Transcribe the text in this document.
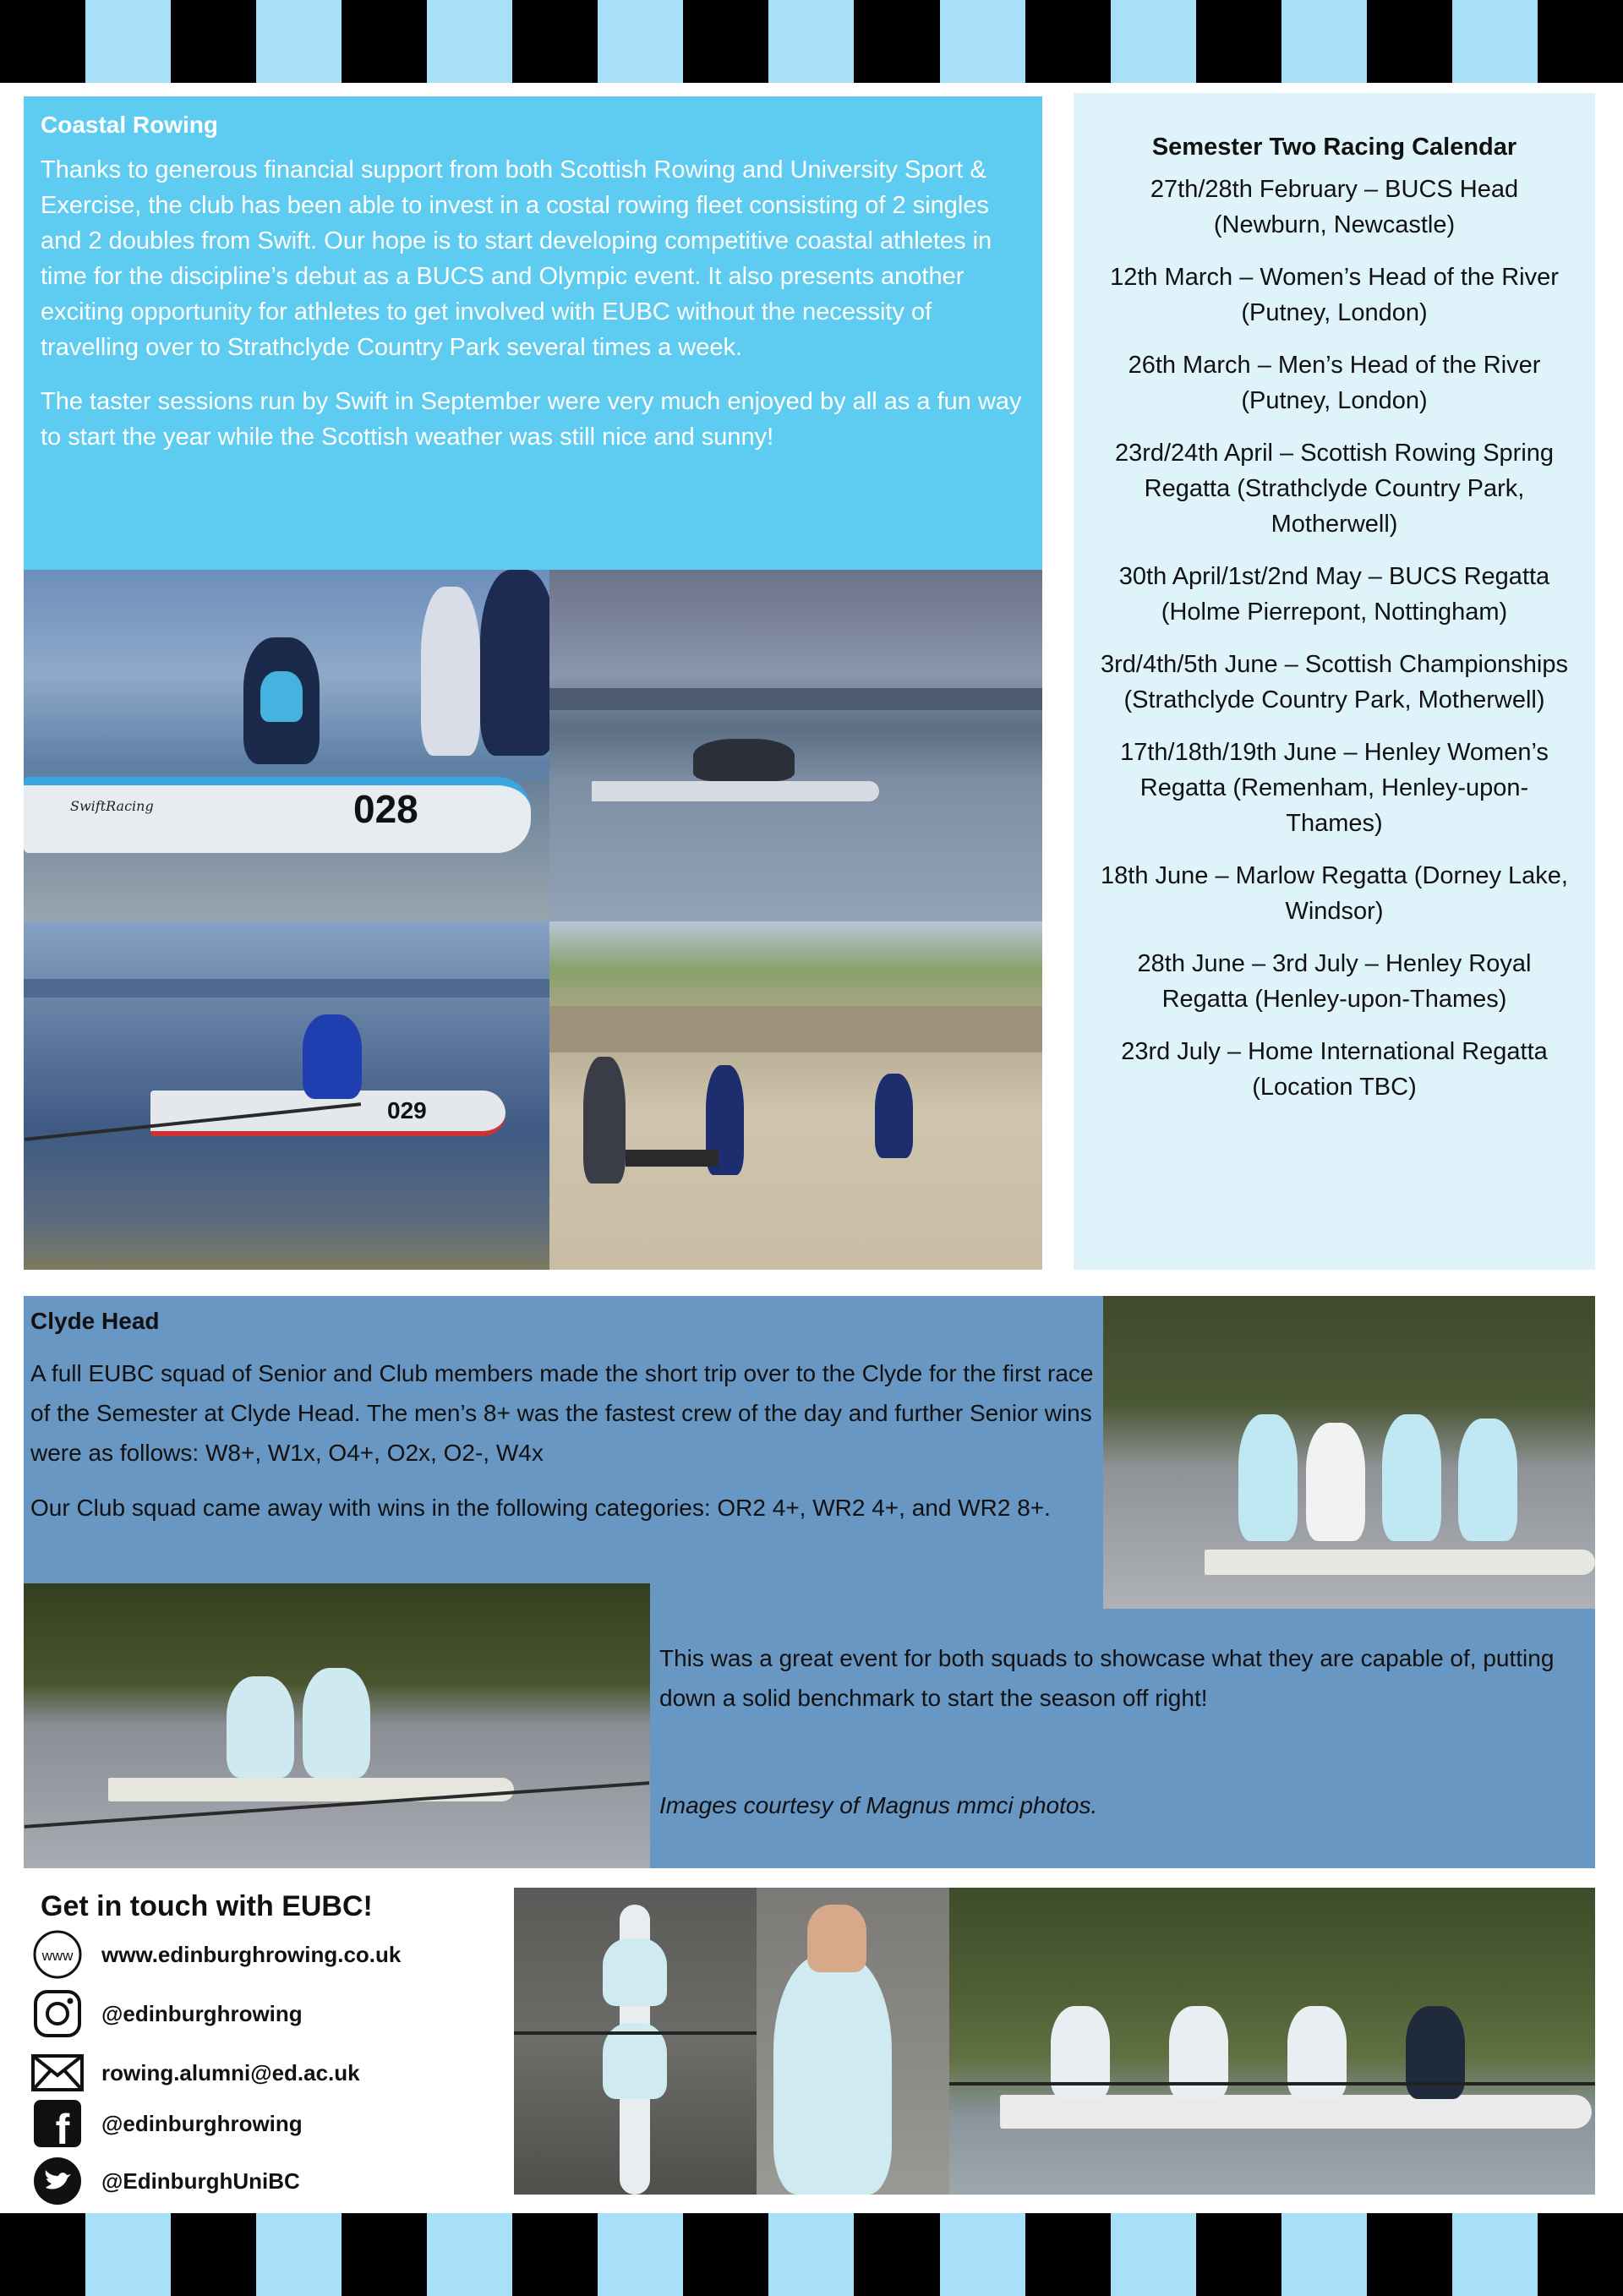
Coastal Rowing

Thanks to generous financial support from both Scottish Rowing and University Sport & Exercise, the club has been able to invest in a costal rowing fleet consisting of 2 singles and 2 doubles from Swift. Our hope is to start developing competitive coastal athletes in time for the discipline’s debut as a BUCS and Olympic event. It also presents another exciting opportunity for athletes to get involved with EUBC without the necessity of travelling over to Strathclyde Country Park several times a week.

The taster sessions run by Swift in September were very much enjoyed by all as a fun way to start the year while the Scottish weather was still nice and sunny!

028
SwiftRacing
029
Semester Two Racing Calendar
27th/28th February – BUCS Head (Newburn, Newcastle)
12th March – Women’s Head of the River (Putney, London)
26th March – Men’s Head of the River (Putney, London)
23rd/24th April – Scottish Rowing Spring Regatta (Strathclyde Country Park, Motherwell)
30th April/1st/2nd May – BUCS Regatta (Holme Pierrepont, Nottingham)
3rd/4th/5th June – Scottish Championships (Strathclyde Country Park, Motherwell)
17th/18th/19th June – Henley Women’s Regatta (Remenham, Henley-upon-Thames)
18th June – Marlow Regatta (Dorney Lake, Windsor)
28th June – 3rd July – Henley Royal Regatta (Henley-upon-Thames)
23rd July – Home International Regatta (Location TBC)
Clyde Head

A full EUBC squad of Senior and Club members made the short trip over to the Clyde for the first race of the Semester at Clyde Head. The men’s 8+ was the fastest crew of the day and further Senior wins were as follows: W8+, W1x, O4+, O2x, O2-, W4x

Our Club squad came away with wins in the following categories: OR2 4+, WR2 4+, and WR2 8+.

This was a great event for both squads to showcase what they are capable of, putting down a solid benchmark to start the season off right!

Images courtesy of Magnus mmci photos.
Get in touch with EUBC!
www www.edinburghrowing.co.uk
@edinburghrowing
rowing.alumni@ed.ac.uk
f @edinburghrowing
@EdinburghUniBC
